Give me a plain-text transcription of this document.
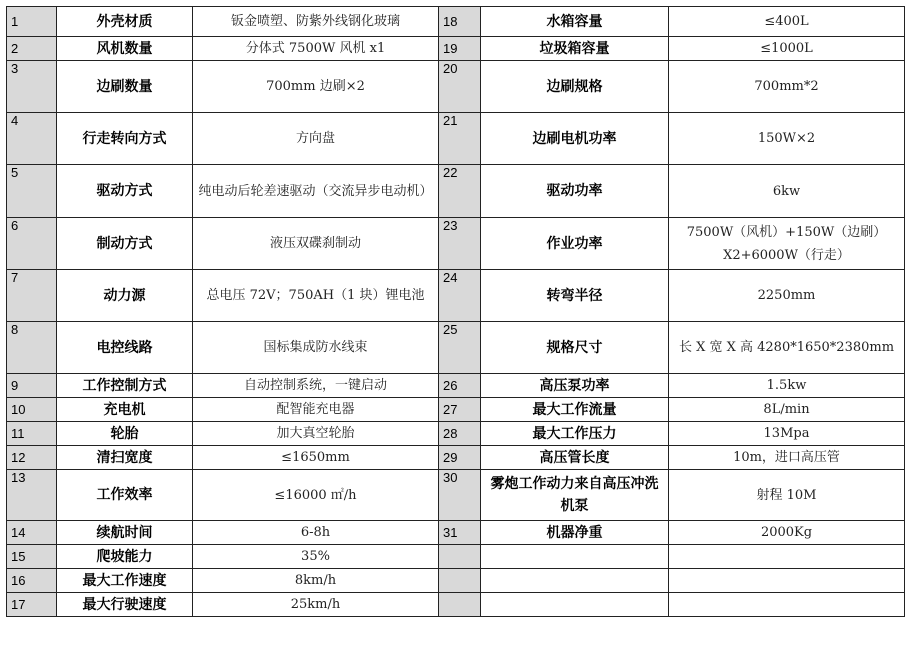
1	外壳材质	钣金喷塑、防紫外线钢化玻璃	18	水箱容量	≤400L
2	风机数量	分体式 7500W 风机 x1	19	垃圾箱容量	≤1000L
3	边刷数量	700mm 边刷×2	20	边刷规格	700mm*2
4	行走转向方式	方向盘	21	边刷电机功率	150W×2
5	驱动方式	纯电动后轮差速驱动（交流异步电动机）	22	驱动功率	6kw
6	制动方式	液压双碟刹制动	23	作业功率	7500W（风机）+150W（边刷）X2+6000W（行走）
7	动力源	总电压 72V；750AH（1 块）锂电池	24	转弯半径	2250mm
8	电控线路	国标集成防水线束	25	规格尺寸	长 X 宽 X 高 4280*1650*2380mm
9	工作控制方式	自动控制系统，一键启动	26	高压泵功率	1.5kw
10	充电机	配智能充电器	27	最大工作流量	8L/min
11	轮胎	加大真空轮胎	28	最大工作压力	13Mpa
12	清扫宽度	≤1650mm	29	高压管长度	10m，进口高压管
13	工作效率	≤16000 ㎡/h	30	雾炮工作动力来自高压冲洗机泵	射程 10M
14	续航时间	6-8h	31	机器净重	2000Kg
15	爬坡能力	35%			
16	最大工作速度	8km/h			
17	最大行驶速度	25km/h			
